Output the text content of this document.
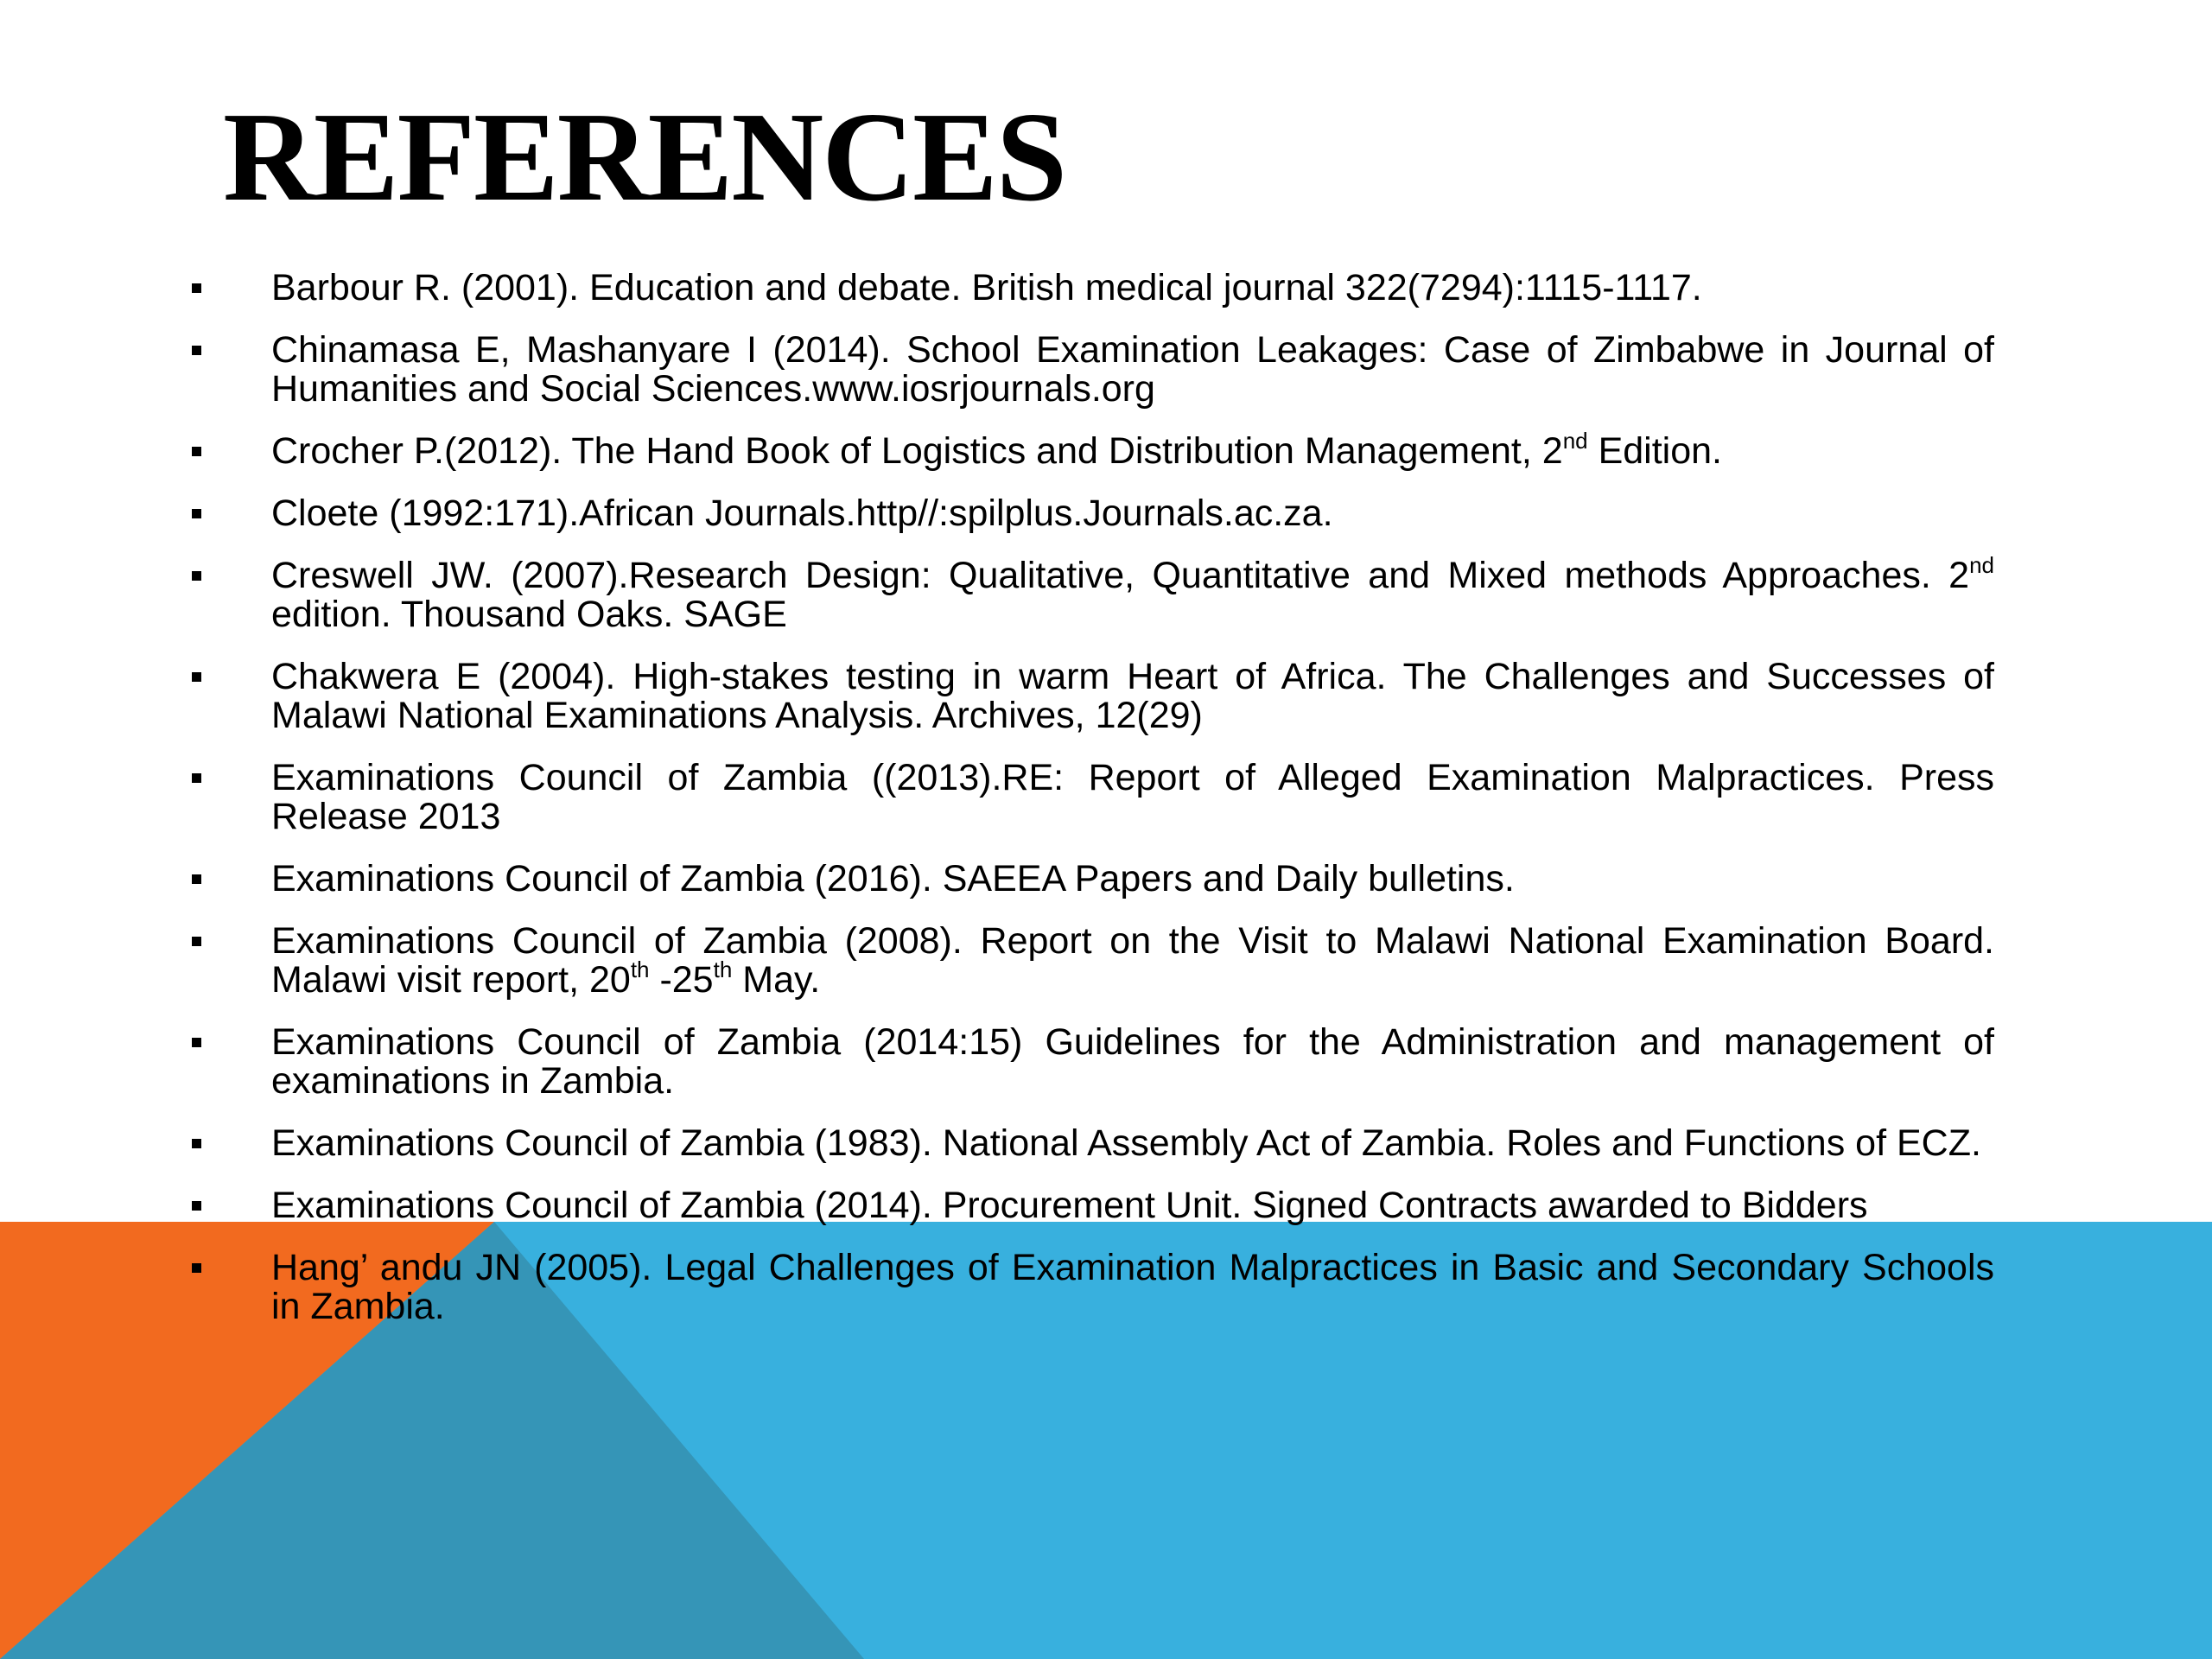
REFERENCES
Barbour R. (2001). Education and debate. British medical journal 322(7294):1115-1117.
Chinamasa E, Mashanyare I (2014). School Examination Leakages: Case of Zimbabwe in Journal of Humanities and Social Sciences.www.iosrjournals.org
Crocher P.(2012). The Hand Book of Logistics and Distribution Management, 2nd Edition.
Cloete (1992:171).African Journals.http//:spilplus.Journals.ac.za.
Creswell JW. (2007).Research Design: Qualitative, Quantitative and Mixed methods Approaches. 2nd edition. Thousand Oaks. SAGE
Chakwera E (2004). High-stakes testing in warm Heart of Africa. The Challenges and Successes of Malawi National Examinations Analysis. Archives, 12(29)
Examinations Council of Zambia ((2013).RE: Report of Alleged Examination Malpractices. Press Release 2013
Examinations Council of Zambia (2016). SAEEA Papers and Daily bulletins.
Examinations Council of Zambia (2008). Report on the Visit to Malawi National Examination Board. Malawi visit report, 20th -25th May.
Examinations Council of Zambia (2014:15) Guidelines for the Administration and management of examinations in Zambia.
Examinations Council of Zambia (1983). National Assembly Act of Zambia. Roles and Functions of ECZ.
Examinations Council of Zambia (2014). Procurement Unit. Signed Contracts awarded to Bidders
Hang’ andu JN (2005). Legal Challenges of Examination Malpractices in Basic and Secondary Schools in Zambia.
